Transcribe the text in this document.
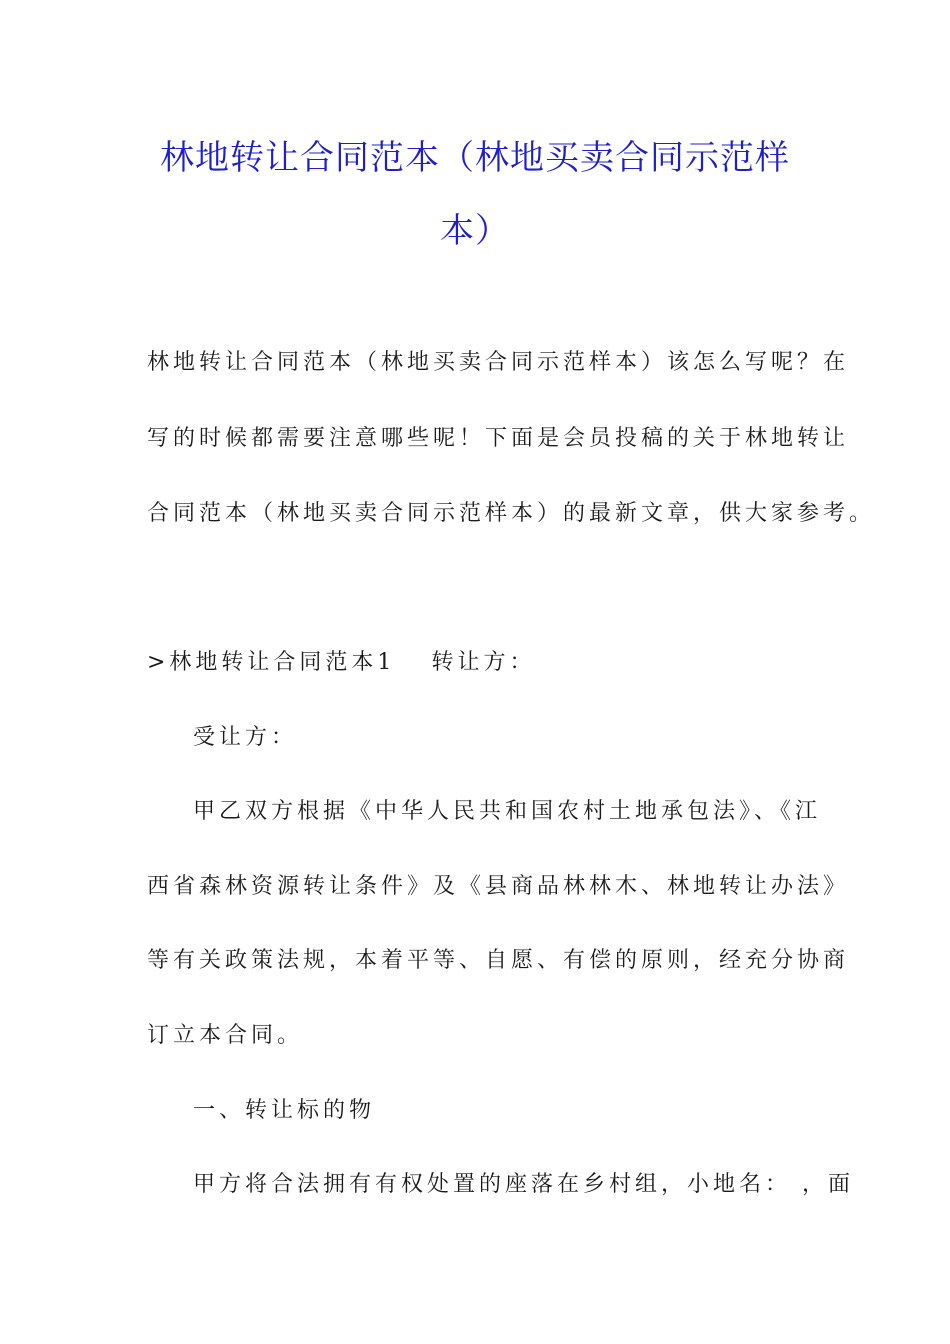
林地转让合同范本（林地买卖合同示范样
本）

林地转让合同范本（林地买卖合同示范样本）该怎么写呢？在

写的时候都需要注意哪些呢！下面是会员投稿的关于林地转让

合同范本（林地买卖合同示范样本）的最新文章，供大家参考。

>林地转让合同范本1 转让方：

受让方：

甲乙双方根据《中华人民共和国农村土地承包法》、《江

西省森林资源转让条件》及《县商品林林木、林地转让办法》

等有关政策法规，本着平等、自愿、有偿的原则，经充分协商

订立本合同。

一、转让标的物

甲方将合法拥有有权处置的座落在乡村组，小地名： ，面
